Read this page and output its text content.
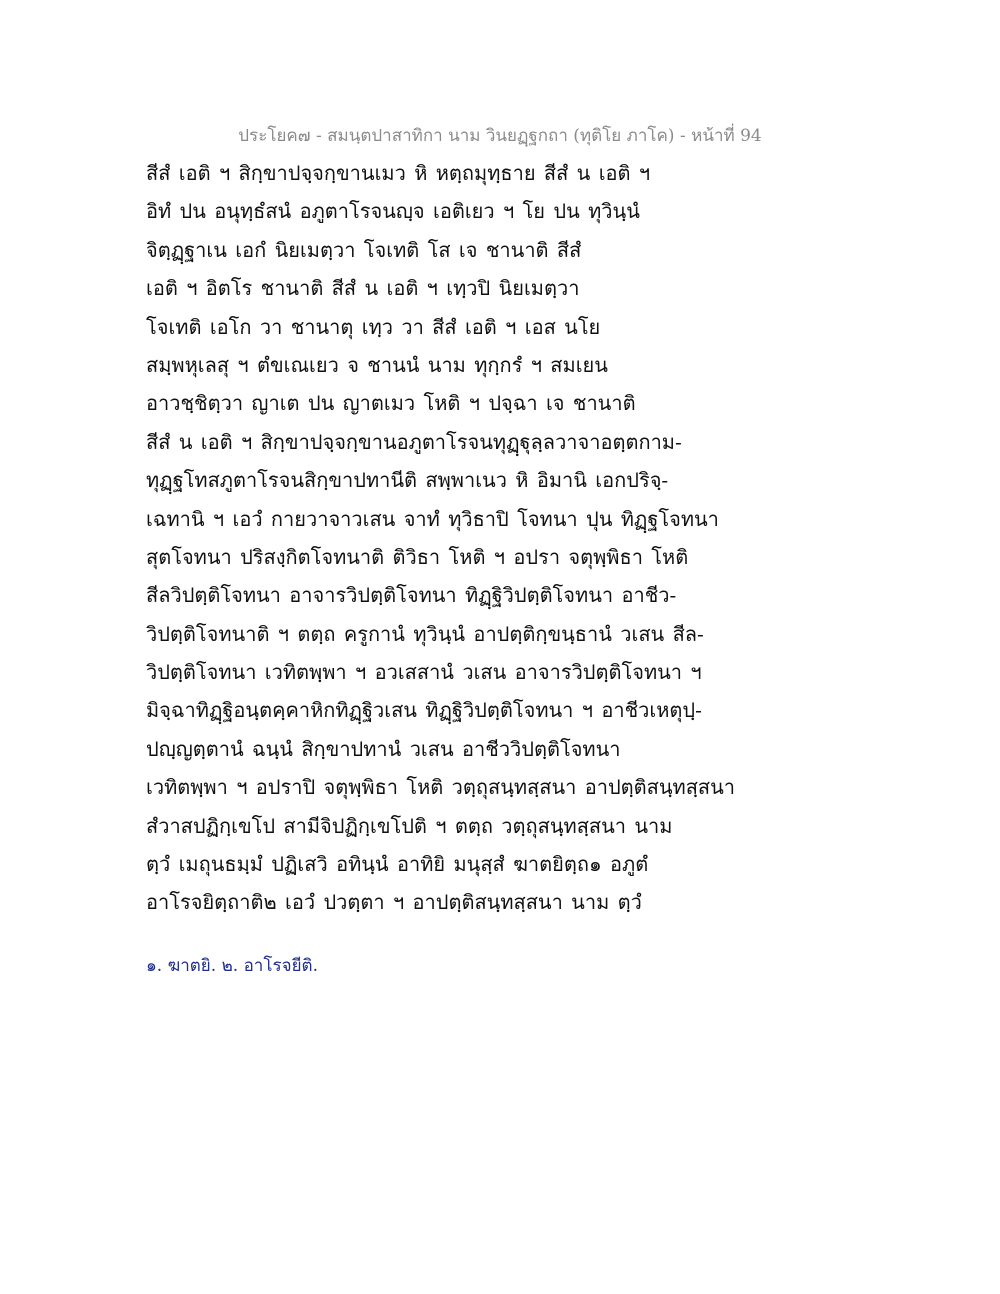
ประโยค๗ - สมนฺตปาสาทิกา นาม วินยฏฺฐกถา (ทุติโย ภาโค) - หน้าที่ 94
สีสํ เอติ ฯ สิกฺขาปจฺจกฺขานเมว หิ หตฺถมุทฺธาย สีสํ น เอติ ฯ
อิทํ ปน อนุทฺธํสนํ อภูตาโรจนญฺจ เอติเยว ฯ โย ปน ทุวินฺนํ
จิตฺฏฺฐาเน เอกํ นิยเมตฺวา โจเทติ โส เจ ชานาติ สีสํ
เอติ ฯ อิตโร ชานาติ สีสํ น เอติ ฯ เทฺวปิ นิยเมตฺวา
โจเทติ เอโก วา ชานาตุ เทฺว วา สีสํ เอติ ฯ เอส นโย
สมฺพหุเลสุ ฯ ตํขเณเยว จ ชานนํ นาม ทุกฺกรํ ฯ สมเยน
อาวชฺชิตฺวา ญาเต ปน ญาตเมว โหติ ฯ ปจฺฉา เจ ชานาติ
สีสํ น เอติ ฯ สิกฺขาปจฺจกฺขานอภูตาโรจนทุฏฺฐุลฺลวาจาอตฺตกาม-
ทุฏฺฐโทสภูตาโรจนสิกฺขาปทานีติ สพฺพาเนว หิ อิมานิ เอกปริจฺ-
เฉทานิ ฯ เอวํ กายวาจาวเสน จาทํ ทุวิธาปิ โจทนา ปุน ทิฏฺฐโจทนา
สุตโจทนา ปริสงฺกิตโจทนาติ ติวิธา โหติ ฯ อปรา จตุพฺพิธา โหติ
สีลวิปตฺติโจทนา อาจารวิปตฺติโจทนา ทิฏฺฐิวิปตฺติโจทนา อาชีว-
วิปตฺติโจทนาติ ฯ ตตฺถ ครูกานํ ทุวินฺนํ อาปตฺติกฺขนฺธานํ วเสน สีล-
วิปตฺติโจทนา เวทิตพฺพา ฯ อวเสสานํ วเสน อาจารวิปตฺติโจทนา ฯ
มิจฺฉาทิฏฺฐิอนฺตคฺคาหิกทิฏฺฐิวเสน ทิฏฺฐิวิปตฺติโจทนา ฯ อาชีวเหตุปฺ-
ปญฺญตฺตานํ ฉนฺนํ สิกฺขาปทานํ วเสน อาชีววิปตฺติโจทนา
เวทิตพฺพา ฯ อปราปิ จตุพฺพิธา โหติ วตฺถุสนฺทสฺสนา อาปตฺติสนฺทสฺสนา
สํวาสปฏิกฺเขโป สามีจิปฏิกฺเขโปติ ฯ ตตฺถ วตฺถุสนฺทสฺสนา นาม
ตฺวํ เมถุนธมฺมํ ปฏิเสวิ อทินฺนํ อาทิยิ มนุสฺสํ ฆาตยิตฺถ๑ อภูตํ
อาโรจยิตฺถาติ๒ เอวํ ปวตฺตา ฯ อาปตฺติสนฺทสฺสนา นาม ตฺวํ
๑. ฆาตยิ. ๒. อาโรจยีติ.
